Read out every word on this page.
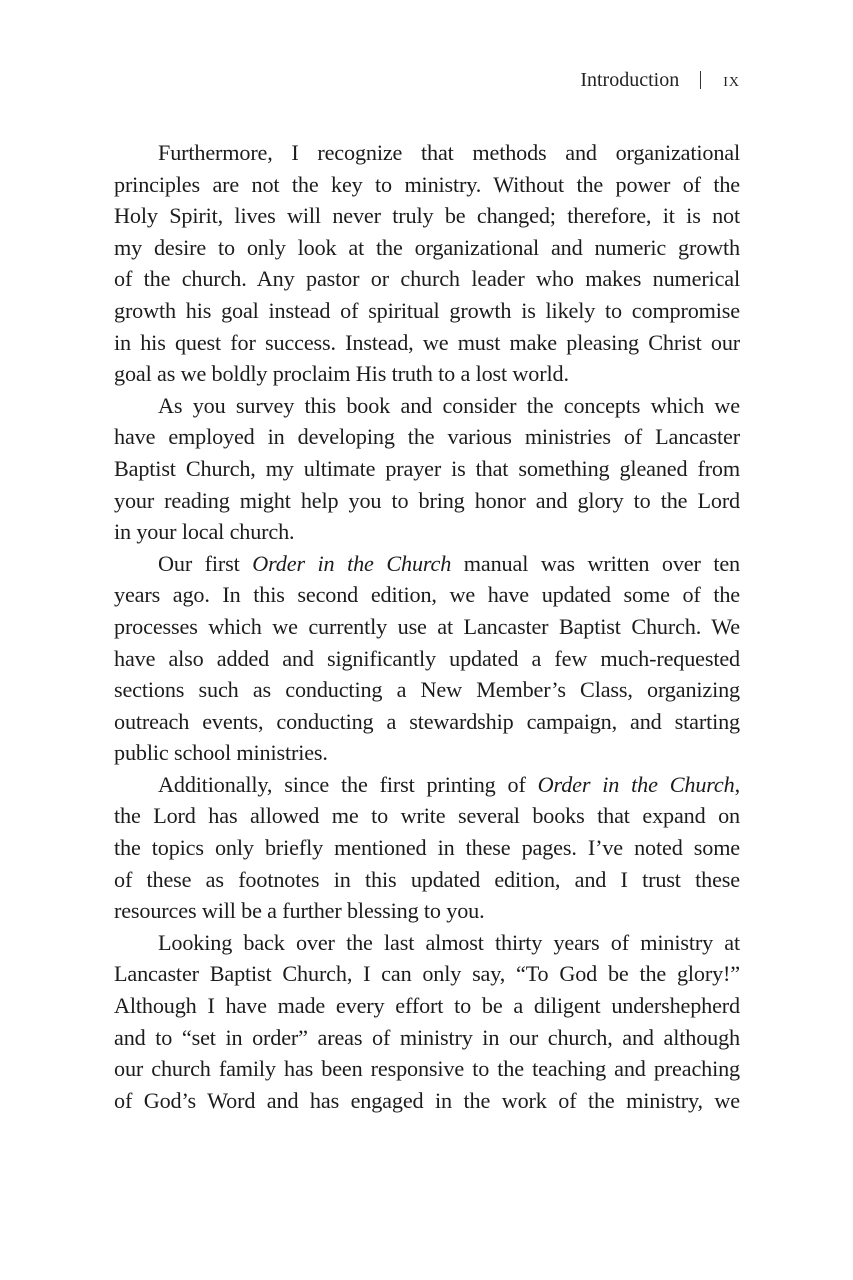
Introduction ix
Furthermore, I recognize that methods and organizational
principles are not the key to ministry. Without the power of the
Holy Spirit, lives will never truly be changed; therefore, it is not
my desire to only look at the organizational and numeric growth
of the church. Any pastor or church leader who makes numerical
growth his goal instead of spiritual growth is likely to compromise
in his quest for success. Instead, we must make pleasing Christ our
goal as we boldly proclaim His truth to a lost world.
As you survey this book and consider the concepts which we
have employed in developing the various ministries of Lancaster
Baptist Church, my ultimate prayer is that something gleaned from
your reading might help you to bring honor and glory to the Lord
in your local church.
Our first Order in the Church manual was written over ten
years ago. In this second edition, we have updated some of the
processes which we currently use at Lancaster Baptist Church. We
have also added and significantly updated a few much-requested
sections such as conducting a New Member’s Class, organizing
outreach events, conducting a stewardship campaign, and starting
public school ministries.
Additionally, since the first printing of Order in the Church,
the Lord has allowed me to write several books that expand on
the topics only briefly mentioned in these pages. I’ve noted some
of these as footnotes in this updated edition, and I trust these
resources will be a further blessing to you.
Looking back over the last almost thirty years of ministry at
Lancaster Baptist Church, I can only say, “To God be the glory!”
Although I have made every effort to be a diligent undershepherd
and to “set in order” areas of ministry in our church, and although
our church family has been responsive to the teaching and preaching
of God’s Word and has engaged in the work of the ministry, we
